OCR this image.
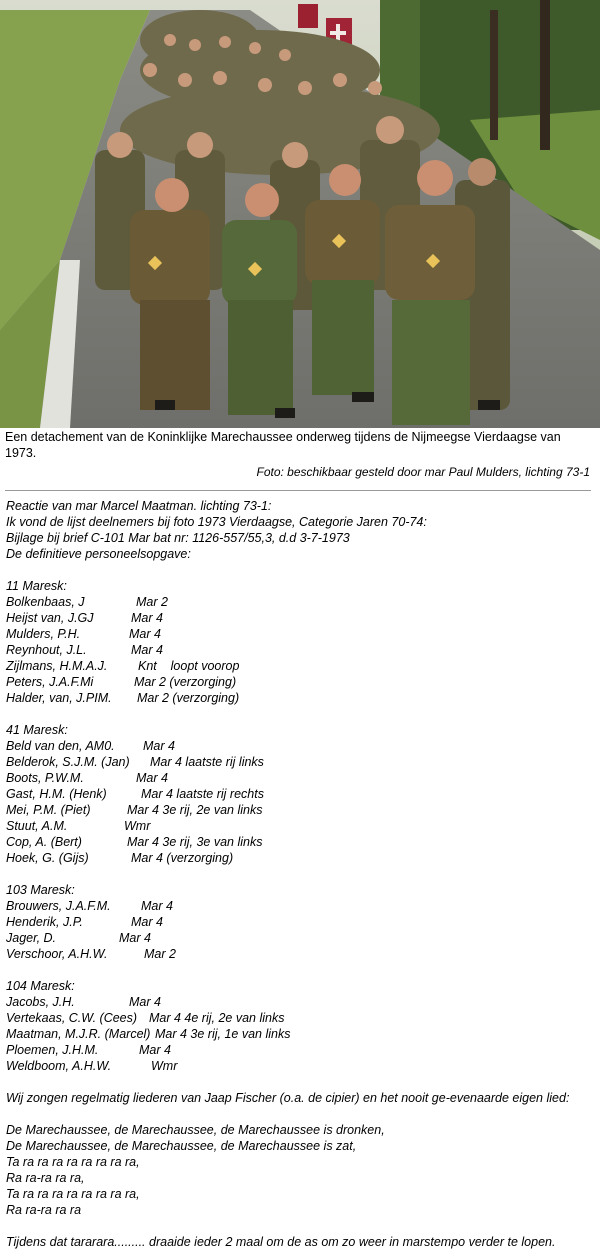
Een detachement van de Koninklijke Marechaussee onderweg tijdens de Nijmeegse Vierdaagse van 1973.
Foto: beschikbaar gesteld door mar Paul Mulders, lichting 73-1
Reactie van mar Marcel Maatman. lichting 73-1:
Ik vond de lijst deelnemers bij foto 1973 Vierdaagse, Categorie Jaren 70-74:
Bijlage bij brief C-101 Mar bat nr: 1126-557/55,3, d.d 3-7-1973
De definitieve personeelsopgave:
11 Maresk:
Bolkenbaas, J	Mar 2
Heijst van, J.GJ	Mar 4
Mulders, P.H.	Mar 4
Reynhout, J.L.	Mar 4
Zijlmans, H.M.A.J. Knt    loopt voorop
Peters, J.A.F.Mi	Mar 2 (verzorging)
Halder, van, J.PIM. Mar 2 (verzorging)
41 Maresk:
Beld van den, AM0. Mar 4
Belderok, S.J.M. (Jan) Mar 4 laatste rij links
Boots, P.W.M.	Mar 4
Gast, H.M. (Henk)	Mar 4 laatste rij rechts
Mei, P.M. (Piet)	Mar 4 3e rij, 2e van links
Stuut, A.M.	Wmr
Cop, A. (Bert)	Mar 4 3e rij, 3e van links
Hoek, G. (Gijs)	Mar 4 (verzorging)
103 Maresk:
Brouwers, J.A.F.M. Mar 4
Henderik, J.P.	Mar 4
Jager, D.	Mar 4
Verschoor, A.H.W.	Mar 2
104 Maresk:
Jacobs, J.H.	Mar 4
Vertekaas, C.W. (Cees) Mar 4 4e rij, 2e van links
Maatman, M.J.R. (Marcel) Mar 4 3e rij, 1e van links
Ploemen, J.H.M.	Mar 4
Weldboom, A.H.W.	Wmr
Wij zongen regelmatig liederen van Jaap Fischer (o.a. de cipier) en het nooit ge-evenaarde eigen lied:
De Marechaussee, de Marechaussee, de Marechaussee is dronken,
De Marechaussee, de Marechaussee, de Marechaussee is zat,
Ta ra ra ra ra ra ra ra ra,
Ra ra-ra ra ra,
Ta ra ra ra ra ra ra ra ra,
Ra ra-ra ra ra
Tijdens dat tararara......... draaide ieder 2 maal om de as om zo weer in marstempo verder te lopen.
